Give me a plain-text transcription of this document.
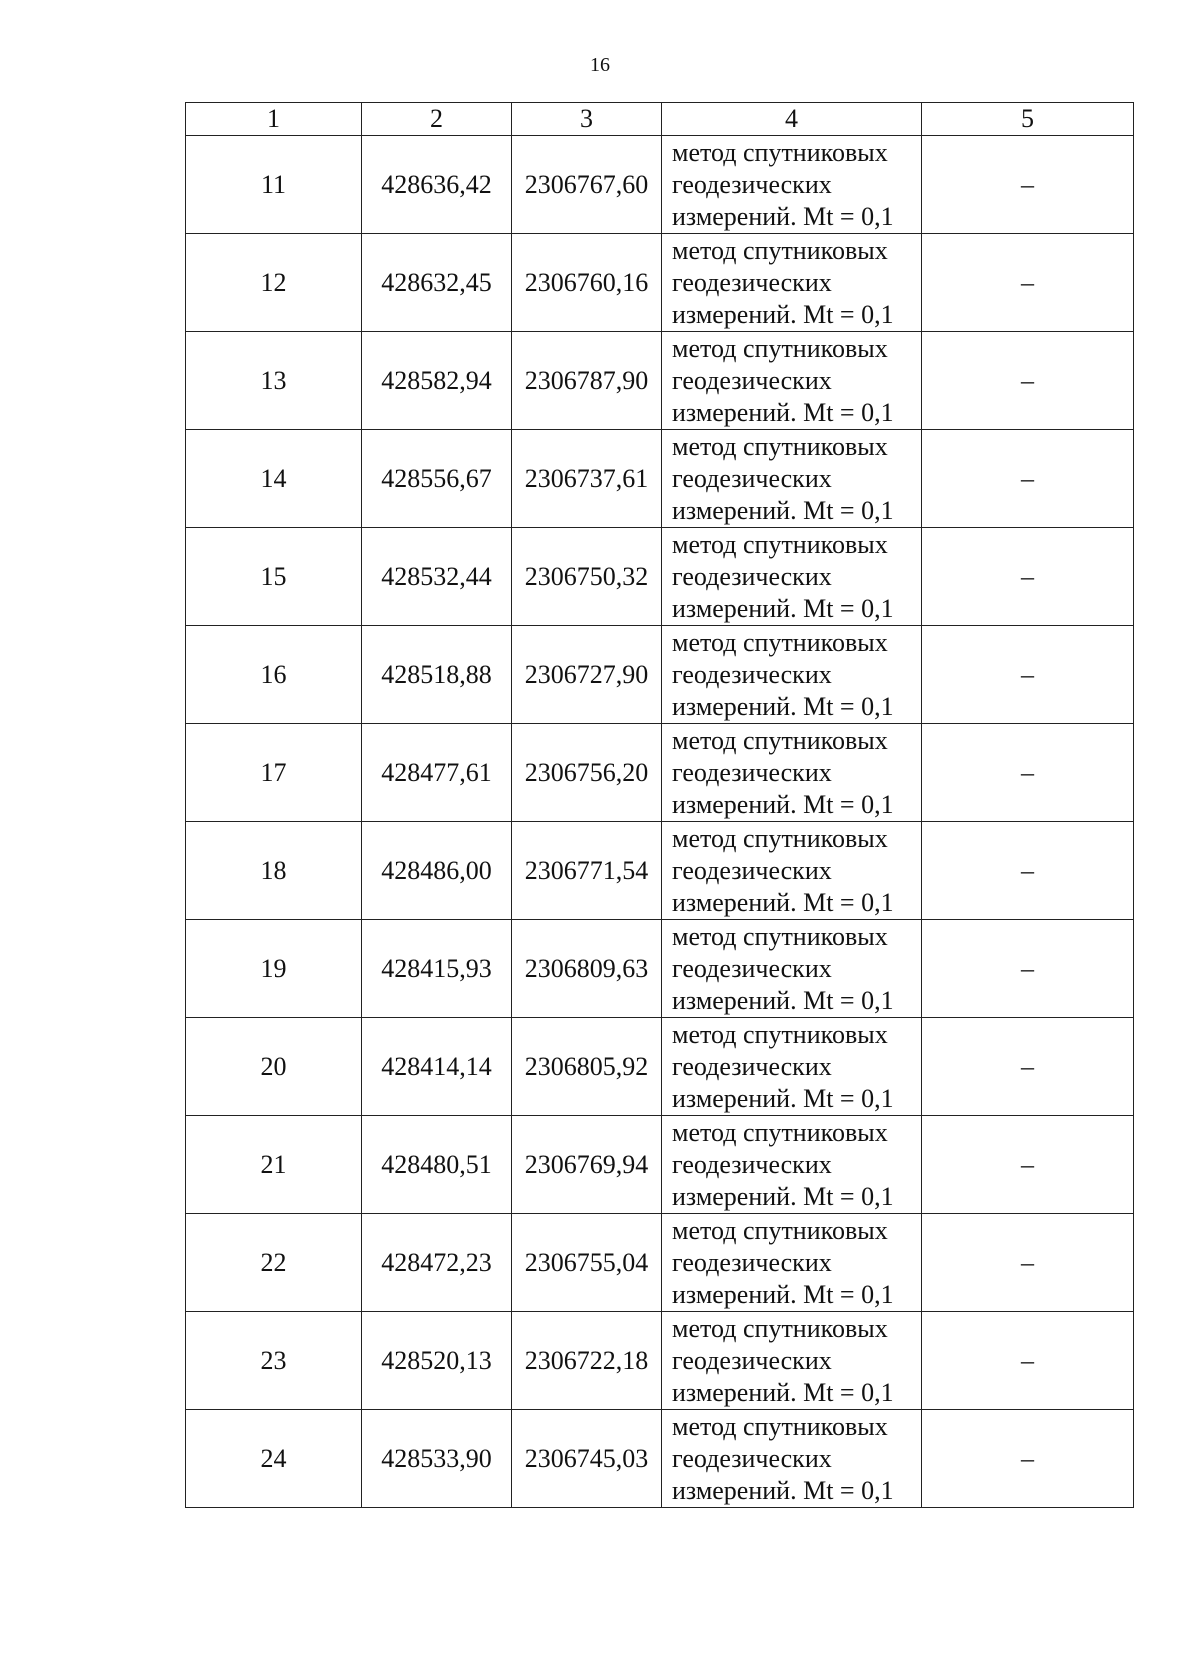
16
1	2	3	4	5
11	428636,42	2306767,60	метод спутниковых
геодезических
измерений. Mt = 0,1	–
12	428632,45	2306760,16	метод спутниковых
геодезических
измерений. Mt = 0,1	–
13	428582,94	2306787,90	метод спутниковых
геодезических
измерений. Mt = 0,1	–
14	428556,67	2306737,61	метод спутниковых
геодезических
измерений. Mt = 0,1	–
15	428532,44	2306750,32	метод спутниковых
геодезических
измерений. Mt = 0,1	–
16	428518,88	2306727,90	метод спутниковых
геодезических
измерений. Mt = 0,1	–
17	428477,61	2306756,20	метод спутниковых
геодезических
измерений. Mt = 0,1	–
18	428486,00	2306771,54	метод спутниковых
геодезических
измерений. Mt = 0,1	–
19	428415,93	2306809,63	метод спутниковых
геодезических
измерений. Mt = 0,1	–
20	428414,14	2306805,92	метод спутниковых
геодезических
измерений. Mt = 0,1	–
21	428480,51	2306769,94	метод спутниковых
геодезических
измерений. Mt = 0,1	–
22	428472,23	2306755,04	метод спутниковых
геодезических
измерений. Mt = 0,1	–
23	428520,13	2306722,18	метод спутниковых
геодезических
измерений. Mt = 0,1	–
24	428533,90	2306745,03	метод спутниковых
геодезических
измерений. Mt = 0,1	–
